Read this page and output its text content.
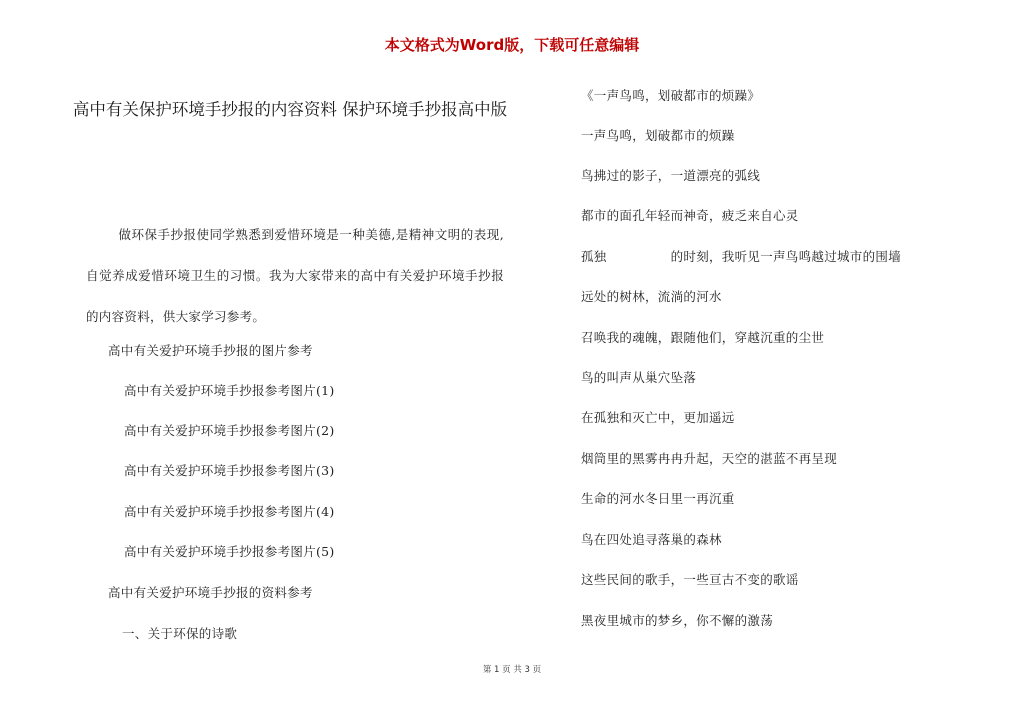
本文格式为Word版，下载可任意编辑
高中有关保护环境手抄报的内容资料 保护环境手抄报高中版
做环保手抄报使同学熟悉到爱惜环境是一种美德,是精神文明的表现,自觉养成爱惜环境卫生的习惯。我为大家带来的高中有关爱护环境手抄报的内容资料，供大家学习参考。
高中有关爱护环境手抄报的图片参考
高中有关爱护环境手抄报参考图片(1)
高中有关爱护环境手抄报参考图片(2)
高中有关爱护环境手抄报参考图片(3)
高中有关爱护环境手抄报参考图片(4)
高中有关爱护环境手抄报参考图片(5)
高中有关爱护环境手抄报的资料参考
一、关于环保的诗歌
《一声鸟鸣，划破都市的烦躁》
一声鸟鸣，划破都市的烦躁
鸟拂过的影子，一道漂亮的弧线
都市的面孔年轻而神奇，疲乏来自心灵
孤独　　　　　的时刻，我听见一声鸟鸣越过城市的围墙
远处的树林，流淌的河水
召唤我的魂魄，跟随他们，穿越沉重的尘世
鸟的叫声从巢穴坠落
在孤独和灭亡中，更加遥远
烟筒里的黑雾冉冉升起，天空的湛蓝不再呈现
生命的河水冬日里一再沉重
鸟在四处追寻落巢的森林
这些民间的歌手，一些亘古不变的歌谣
黑夜里城市的梦乡，你不懈的激荡
第 1 页 共 3 页
